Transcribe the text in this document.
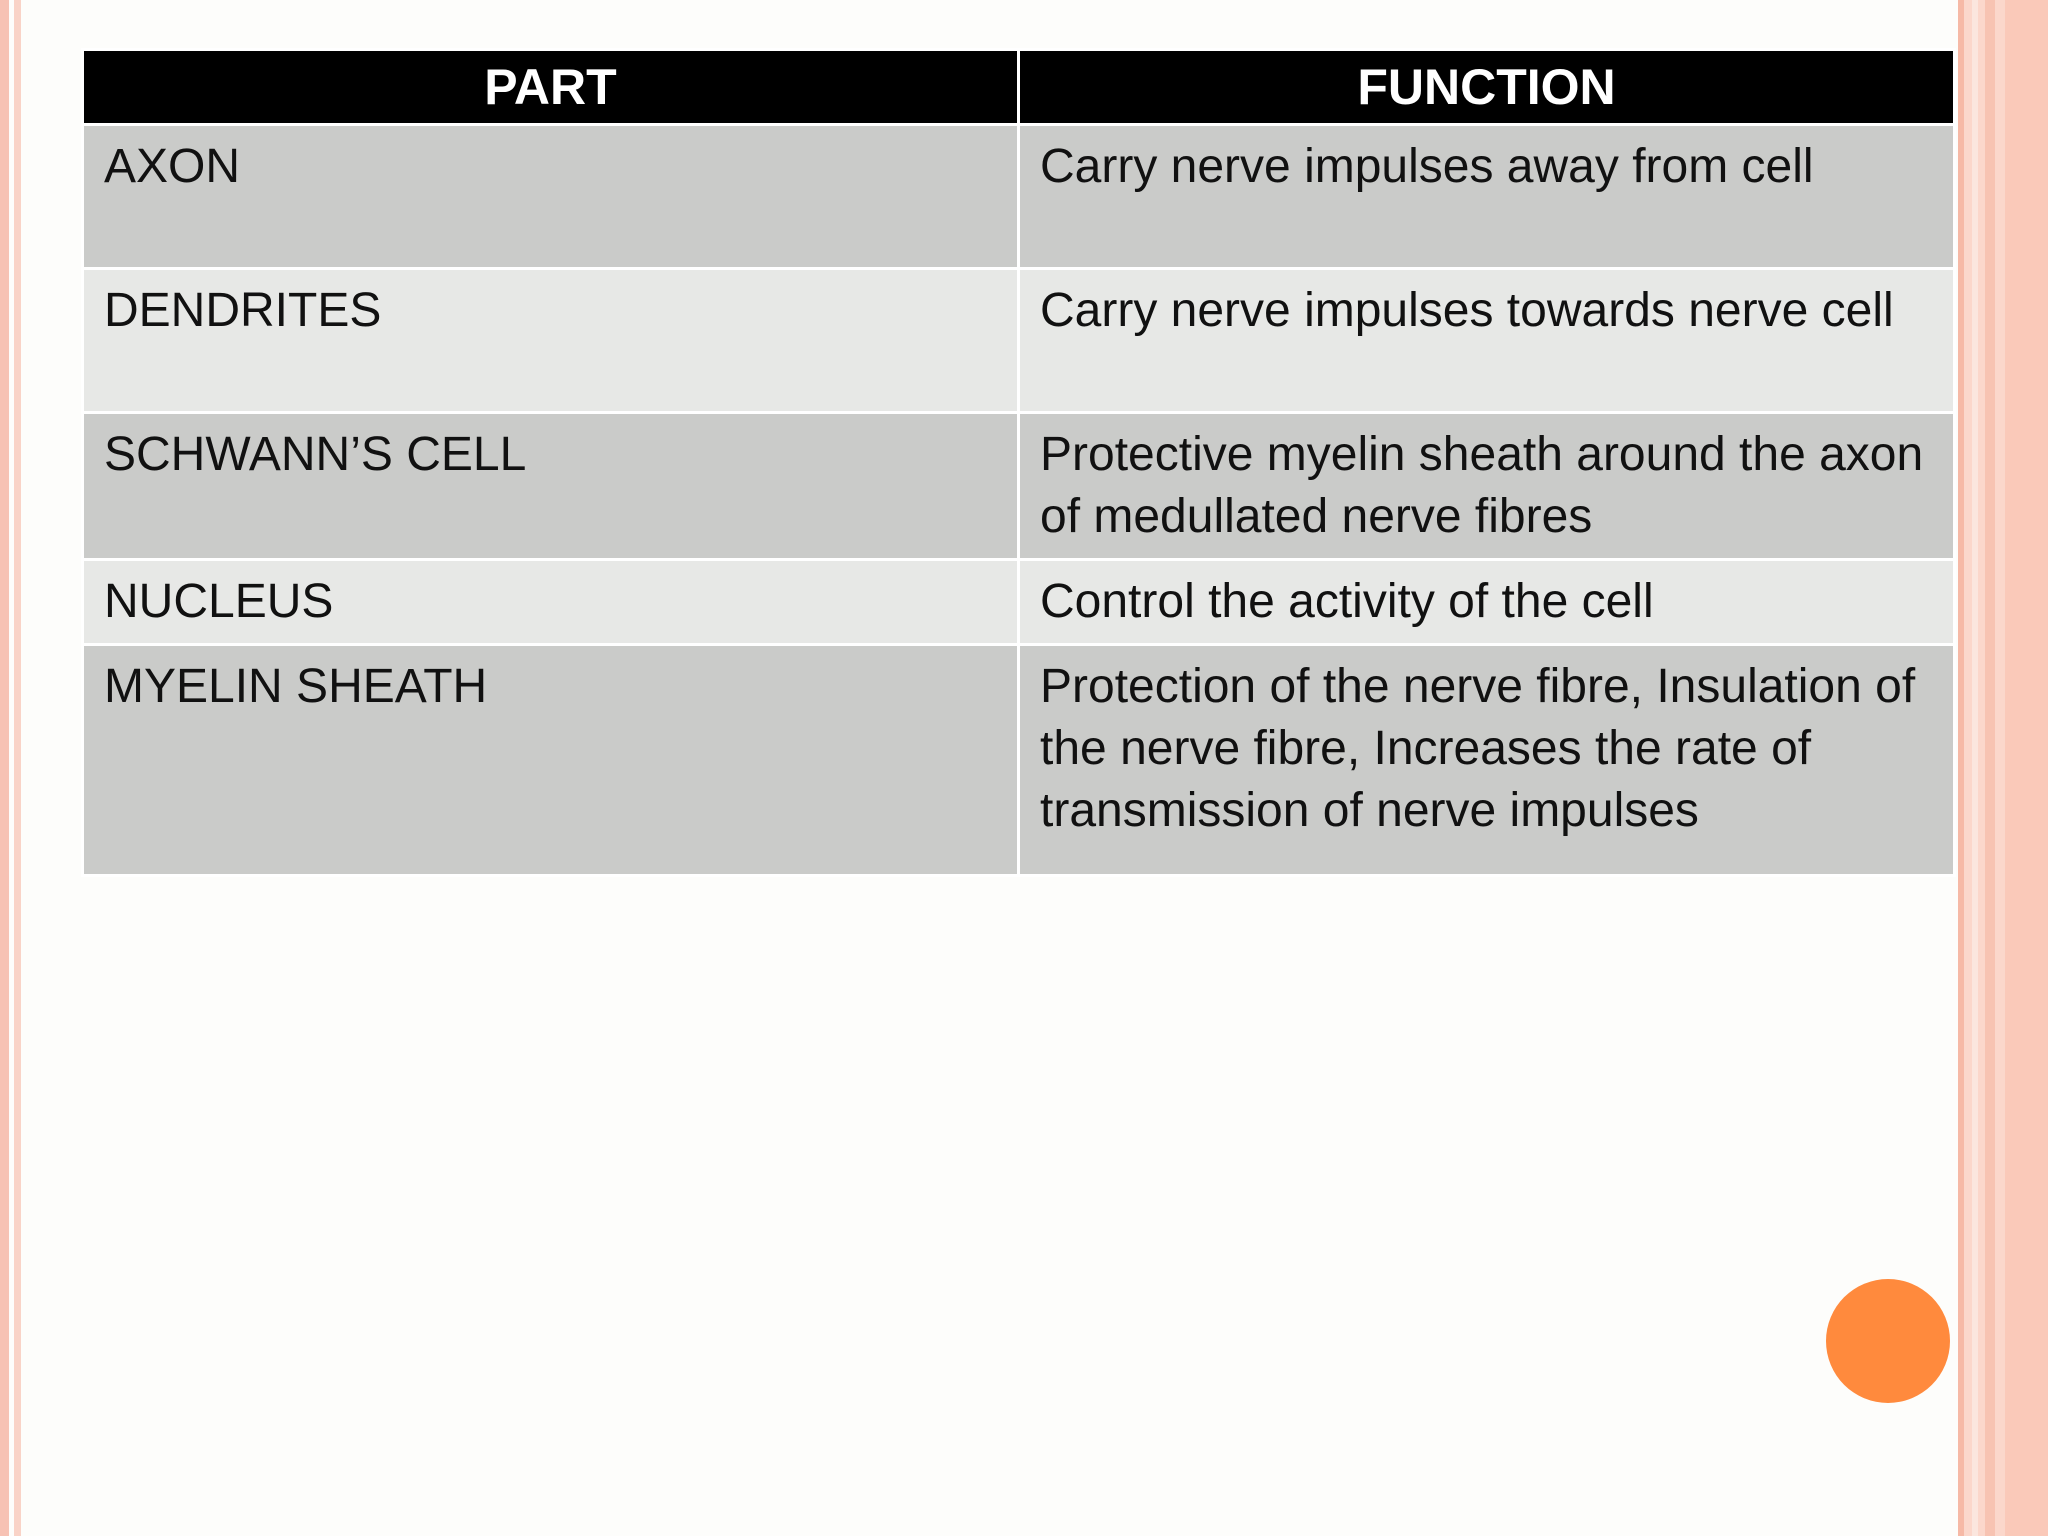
PART	FUNCTION
AXON	Carry nerve impulses away from cell
DENDRITES	Carry nerve impulses towards nerve cell
SCHWANN’S CELL	Protective myelin sheath around the axon of medullated nerve fibres
NUCLEUS	Control the activity of the cell
MYELIN SHEATH	Protection of the nerve fibre, Insulation of the nerve fibre, Increases the rate of transmission of nerve impulses
